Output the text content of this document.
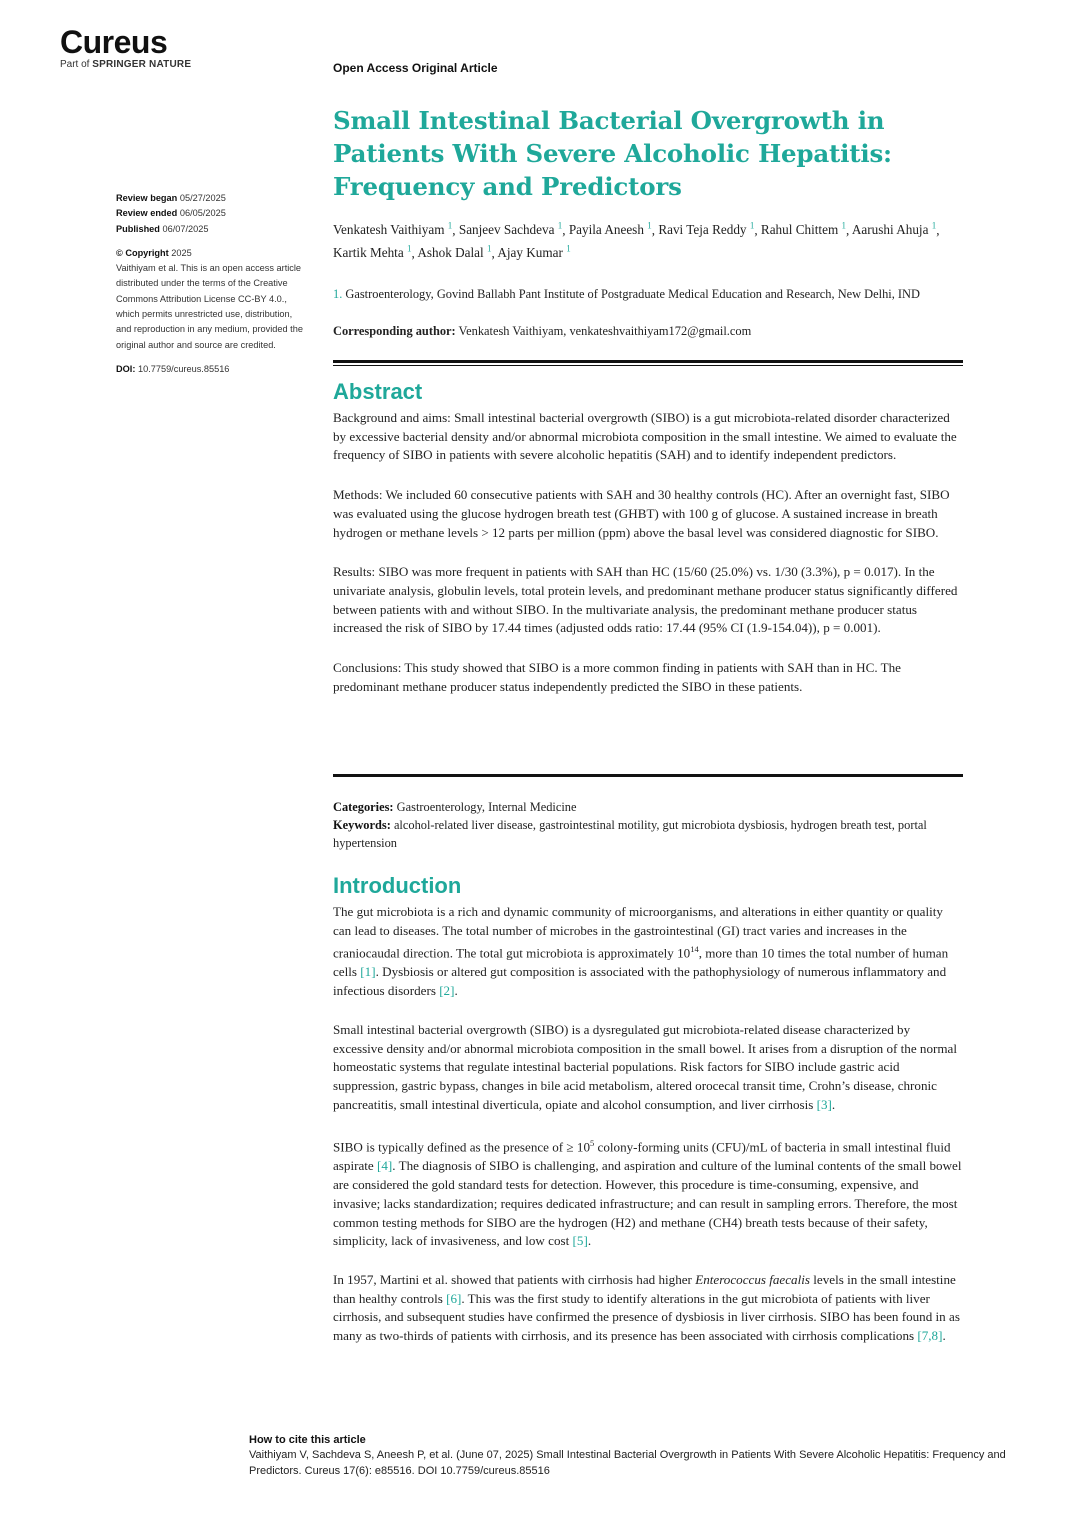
Cureus
Part of SPRINGER NATURE	Open Access Original Article
Review began 05/27/2025
Review ended 06/05/2025
Published 06/07/2025
© Copyright 2025
Vaithiyam et al. This is an open access article distributed under the terms of the Creative Commons Attribution License CC-BY 4.0., which permits unrestricted use, distribution, and reproduction in any medium, provided the original author and source are credited.
DOI: 10.7759/cureus.85516
Small Intestinal Bacterial Overgrowth in Patients With Severe Alcoholic Hepatitis: Frequency and Predictors
Venkatesh Vaithiyam $^1$, Sanjeev Sachdeva $^1$, Payila Aneesh $^1$, Ravi Teja Reddy $^1$, Rahul Chittem $^1$, Aarushi Ahuja $^1$, Kartik Mehta $^1$, Ashok Dalal $^1$, Ajay Kumar $^1$
1. Gastroenterology, Govind Ballabh Pant Institute of Postgraduate Medical Education and Research, New Delhi, IND
Corresponding author: Venkatesh Vaithiyam, venkateshvaithiyam172@gmail.com
Abstract

Background and aims: Small intestinal bacterial overgrowth (SIBO) is a gut microbiota-related disorder characterized by excessive bacterial density and/or abnormal microbiota composition in the small intestine. We aimed to evaluate the frequency of SIBO in patients with severe alcoholic hepatitis (SAH) and to identify independent predictors.

Methods: We included 60 consecutive patients with SAH and 30 healthy controls (HC). After an overnight fast, SIBO was evaluated using the glucose hydrogen breath test (GHBT) with 100 g of glucose. A sustained increase in breath hydrogen or methane levels > 12 parts per million (ppm) above the basal level was considered diagnostic for SIBO.

Results: SIBO was more frequent in patients with SAH than HC (15/60 (25.0%) vs. 1/30 (3.3%), p = 0.017). In the univariate analysis, globulin levels, total protein levels, and predominant methane producer status significantly differed between patients with and without SIBO. In the multivariate analysis, the predominant methane producer status increased the risk of SIBO by 17.44 times (adjusted odds ratio: 17.44 (95% CI (1.9-154.04)), p = 0.001).

Conclusions: This study showed that SIBO is a more common finding in patients with SAH than in HC. The predominant methane producer status independently predicted the SIBO in these patients.

Categories: Gastroenterology, Internal Medicine
Keywords: alcohol-related liver disease, gastrointestinal motility, gut microbiota dysbiosis, hydrogen breath test, portal hypertension
Introduction

The gut microbiota is a rich and dynamic community of microorganisms, and alterations in either quantity or quality can lead to diseases. The total number of microbes in the gastrointestinal (GI) tract varies and increases in the craniocaudal direction. The total gut microbiota is approximately $10^{14}$, more than 10 times the total number of human cells [1]. Dysbiosis or altered gut composition is associated with the pathophysiology of numerous inflammatory and infectious disorders [2].

Small intestinal bacterial overgrowth (SIBO) is a dysregulated gut microbiota-related disease characterized by excessive density and/or abnormal microbiota composition in the small bowel. It arises from a disruption of the normal homeostatic systems that regulate intestinal bacterial populations. Risk factors for SIBO include gastric acid suppression, gastric bypass, changes in bile acid metabolism, altered orocecal transit time, Crohn’s disease, chronic pancreatitis, small intestinal diverticula, opiate and alcohol consumption, and liver cirrhosis [3].

SIBO is typically defined as the presence of ≥ $10^5$ colony-forming units (CFU)/mL of bacteria in small intestinal fluid aspirate [4]. The diagnosis of SIBO is challenging, and aspiration and culture of the luminal contents of the small bowel are considered the gold standard tests for detection. However, this procedure is time-consuming, expensive, and invasive; lacks standardization; requires dedicated infrastructure; and can result in sampling errors. Therefore, the most common testing methods for SIBO are the hydrogen (H2) and methane (CH4) breath tests because of their safety, simplicity, lack of invasiveness, and low cost [5].

In 1957, Martini et al. showed that patients with cirrhosis had higher Enterococcus faecalis levels in the small intestine than healthy controls [6]. This was the first study to identify alterations in the gut microbiota of patients with liver cirrhosis, and subsequent studies have confirmed the presence of dysbiosis in liver cirrhosis. SIBO has been found in as many as two-thirds of patients with cirrhosis, and its presence has been associated with cirrhosis complications [7,8].

How to cite this article
Vaithiyam V, Sachdeva S, Aneesh P, et al. (June 07, 2025) Small Intestinal Bacterial Overgrowth in Patients With Severe Alcoholic Hepatitis: Frequency and Predictors. Cureus 17(6): e85516. DOI 10.7759/cureus.85516
